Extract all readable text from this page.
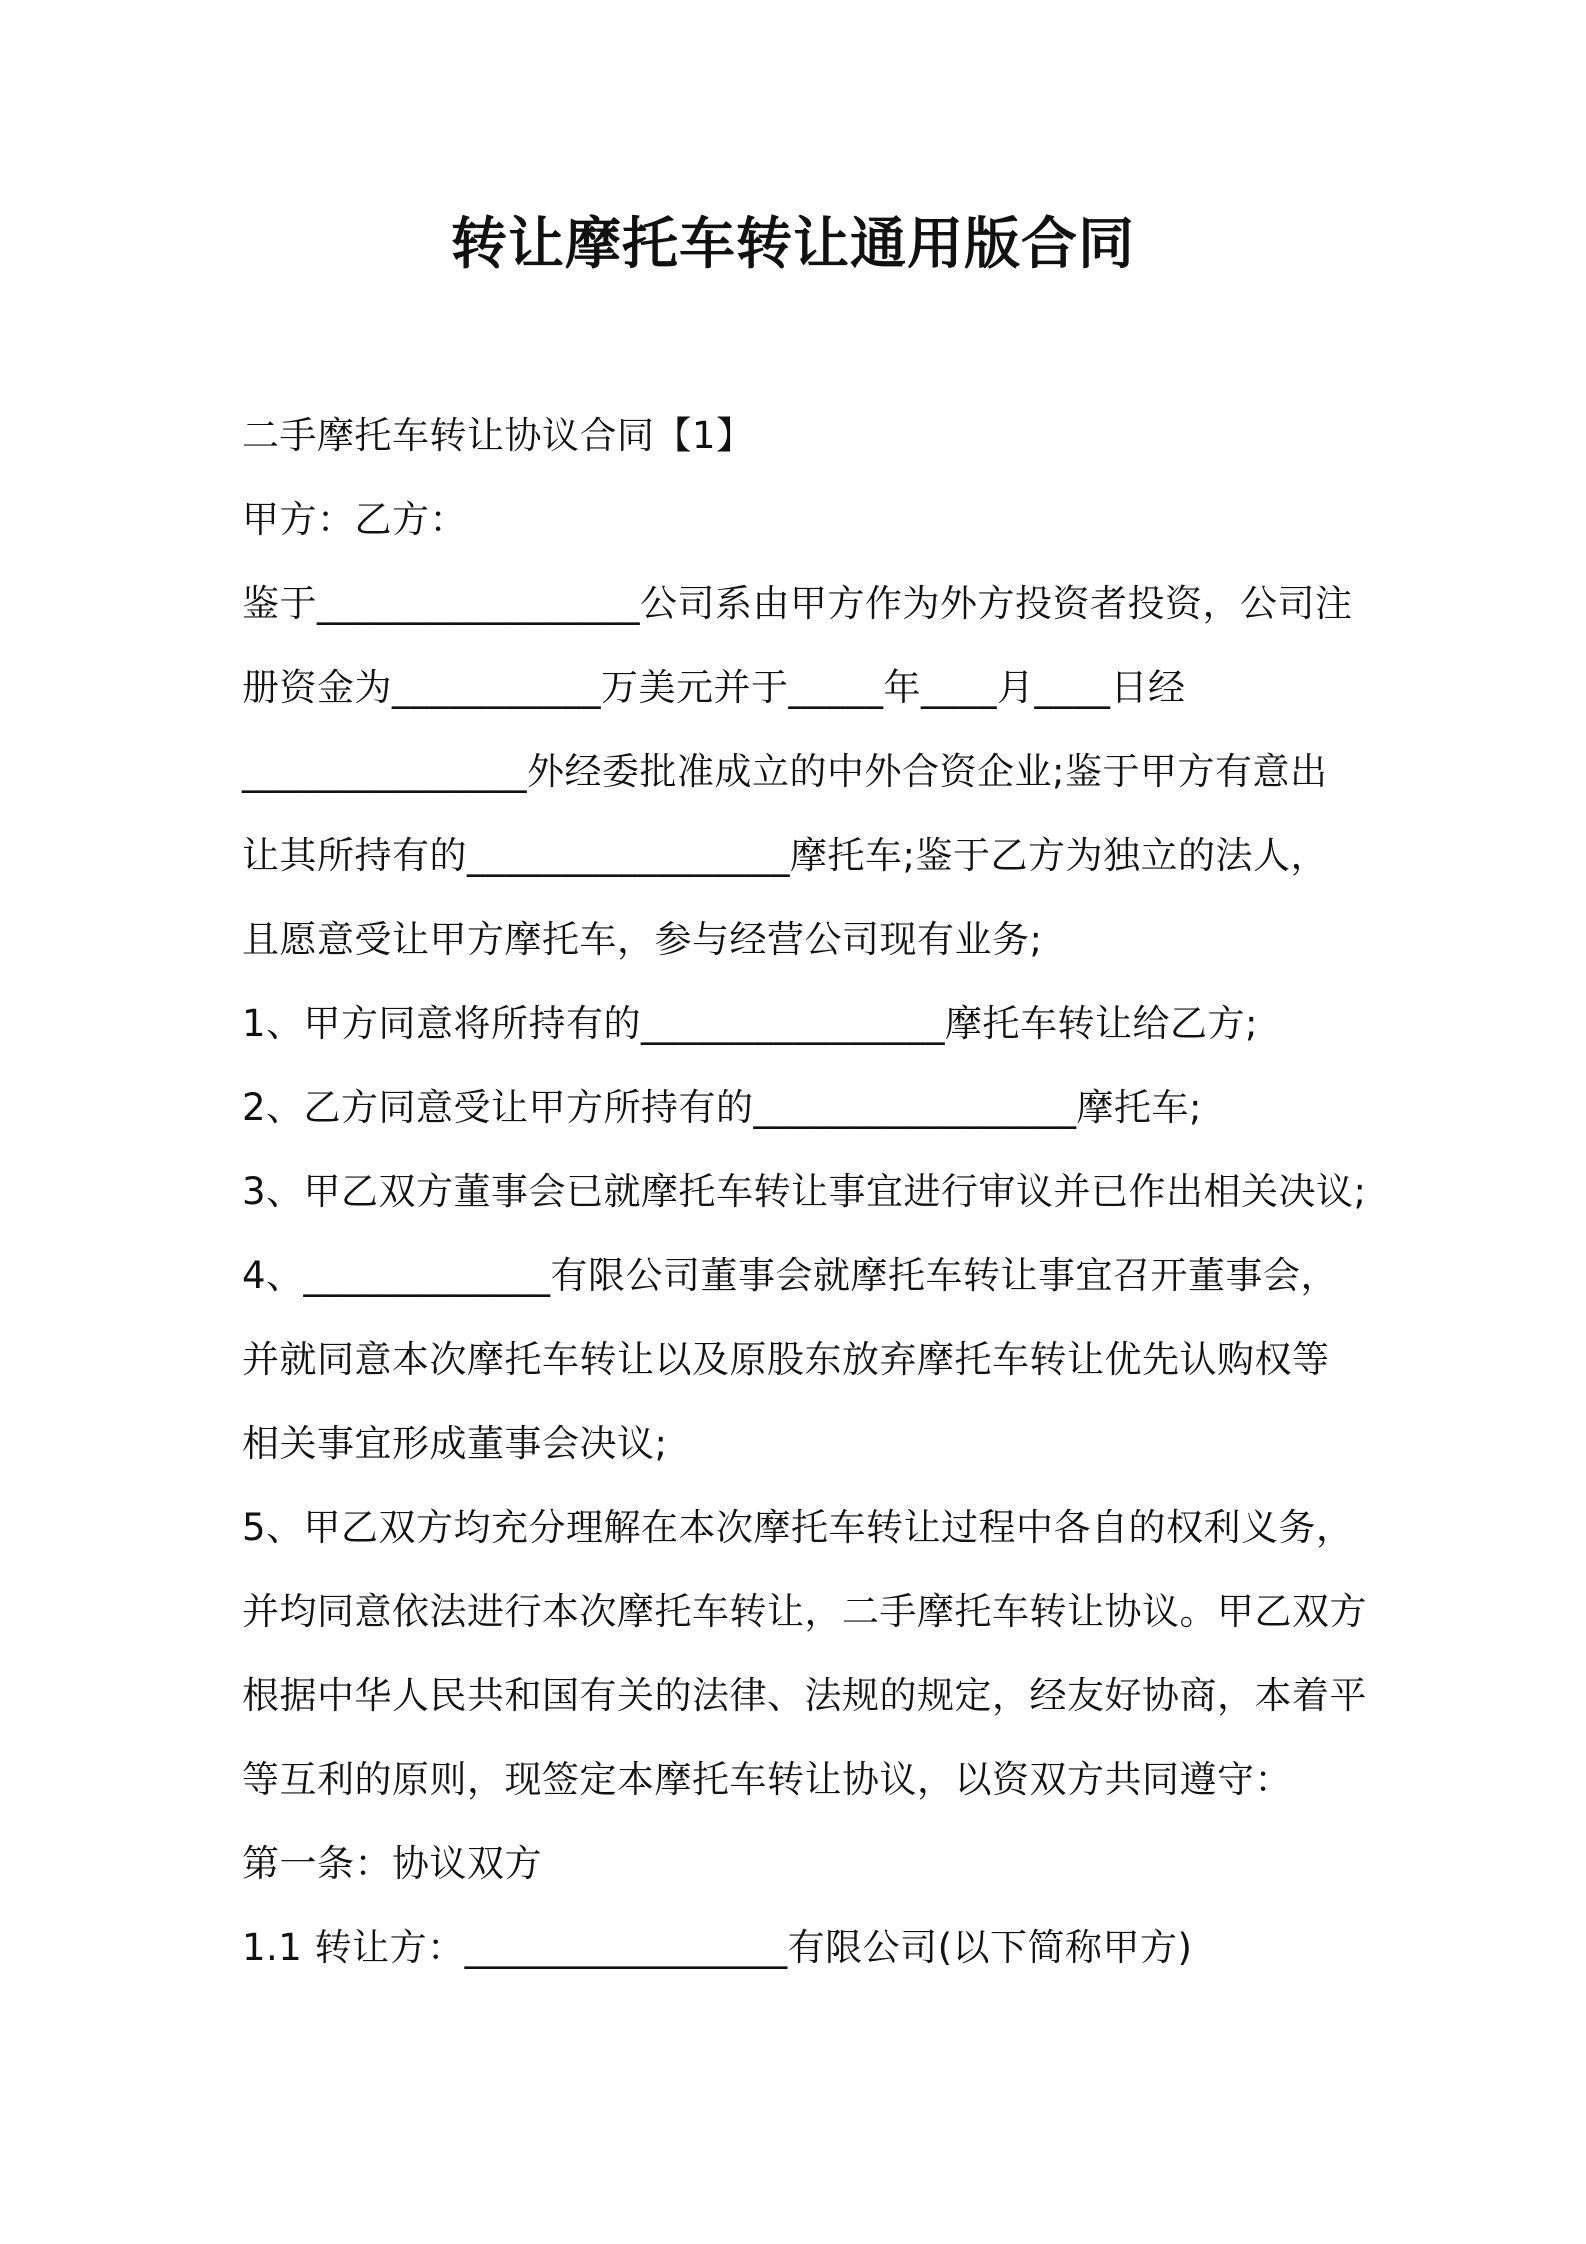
转让摩托车转让通用版合同
二手摩托车转让协议合同【1】
甲方：乙方：
鉴于_________________公司系由甲方作为外方投资者投资，公司注
册资金为___________万美元并于_____年____月____日经
_______________外经委批准成立的中外合资企业;鉴于甲方有意出
让其所持有的_________________摩托车;鉴于乙方为独立的法人，
且愿意受让甲方摩托车，参与经营公司现有业务;
1、甲方同意将所持有的________________摩托车转让给乙方;
2、乙方同意受让甲方所持有的_________________摩托车;
3、甲乙双方董事会已就摩托车转让事宜进行审议并已作出相关决议;
4、_____________有限公司董事会就摩托车转让事宜召开董事会，
并就同意本次摩托车转让以及原股东放弃摩托车转让优先认购权等
相关事宜形成董事会决议;
5、甲乙双方均充分理解在本次摩托车转让过程中各自的权利义务，
并均同意依法进行本次摩托车转让，二手摩托车转让协议。甲乙双方
根据中华人民共和国有关的法律、法规的规定，经友好协商，本着平
等互利的原则，现签定本摩托车转让协议，以资双方共同遵守：
第一条：协议双方
1.1 转让方：_________________有限公司(以下简称甲方)
